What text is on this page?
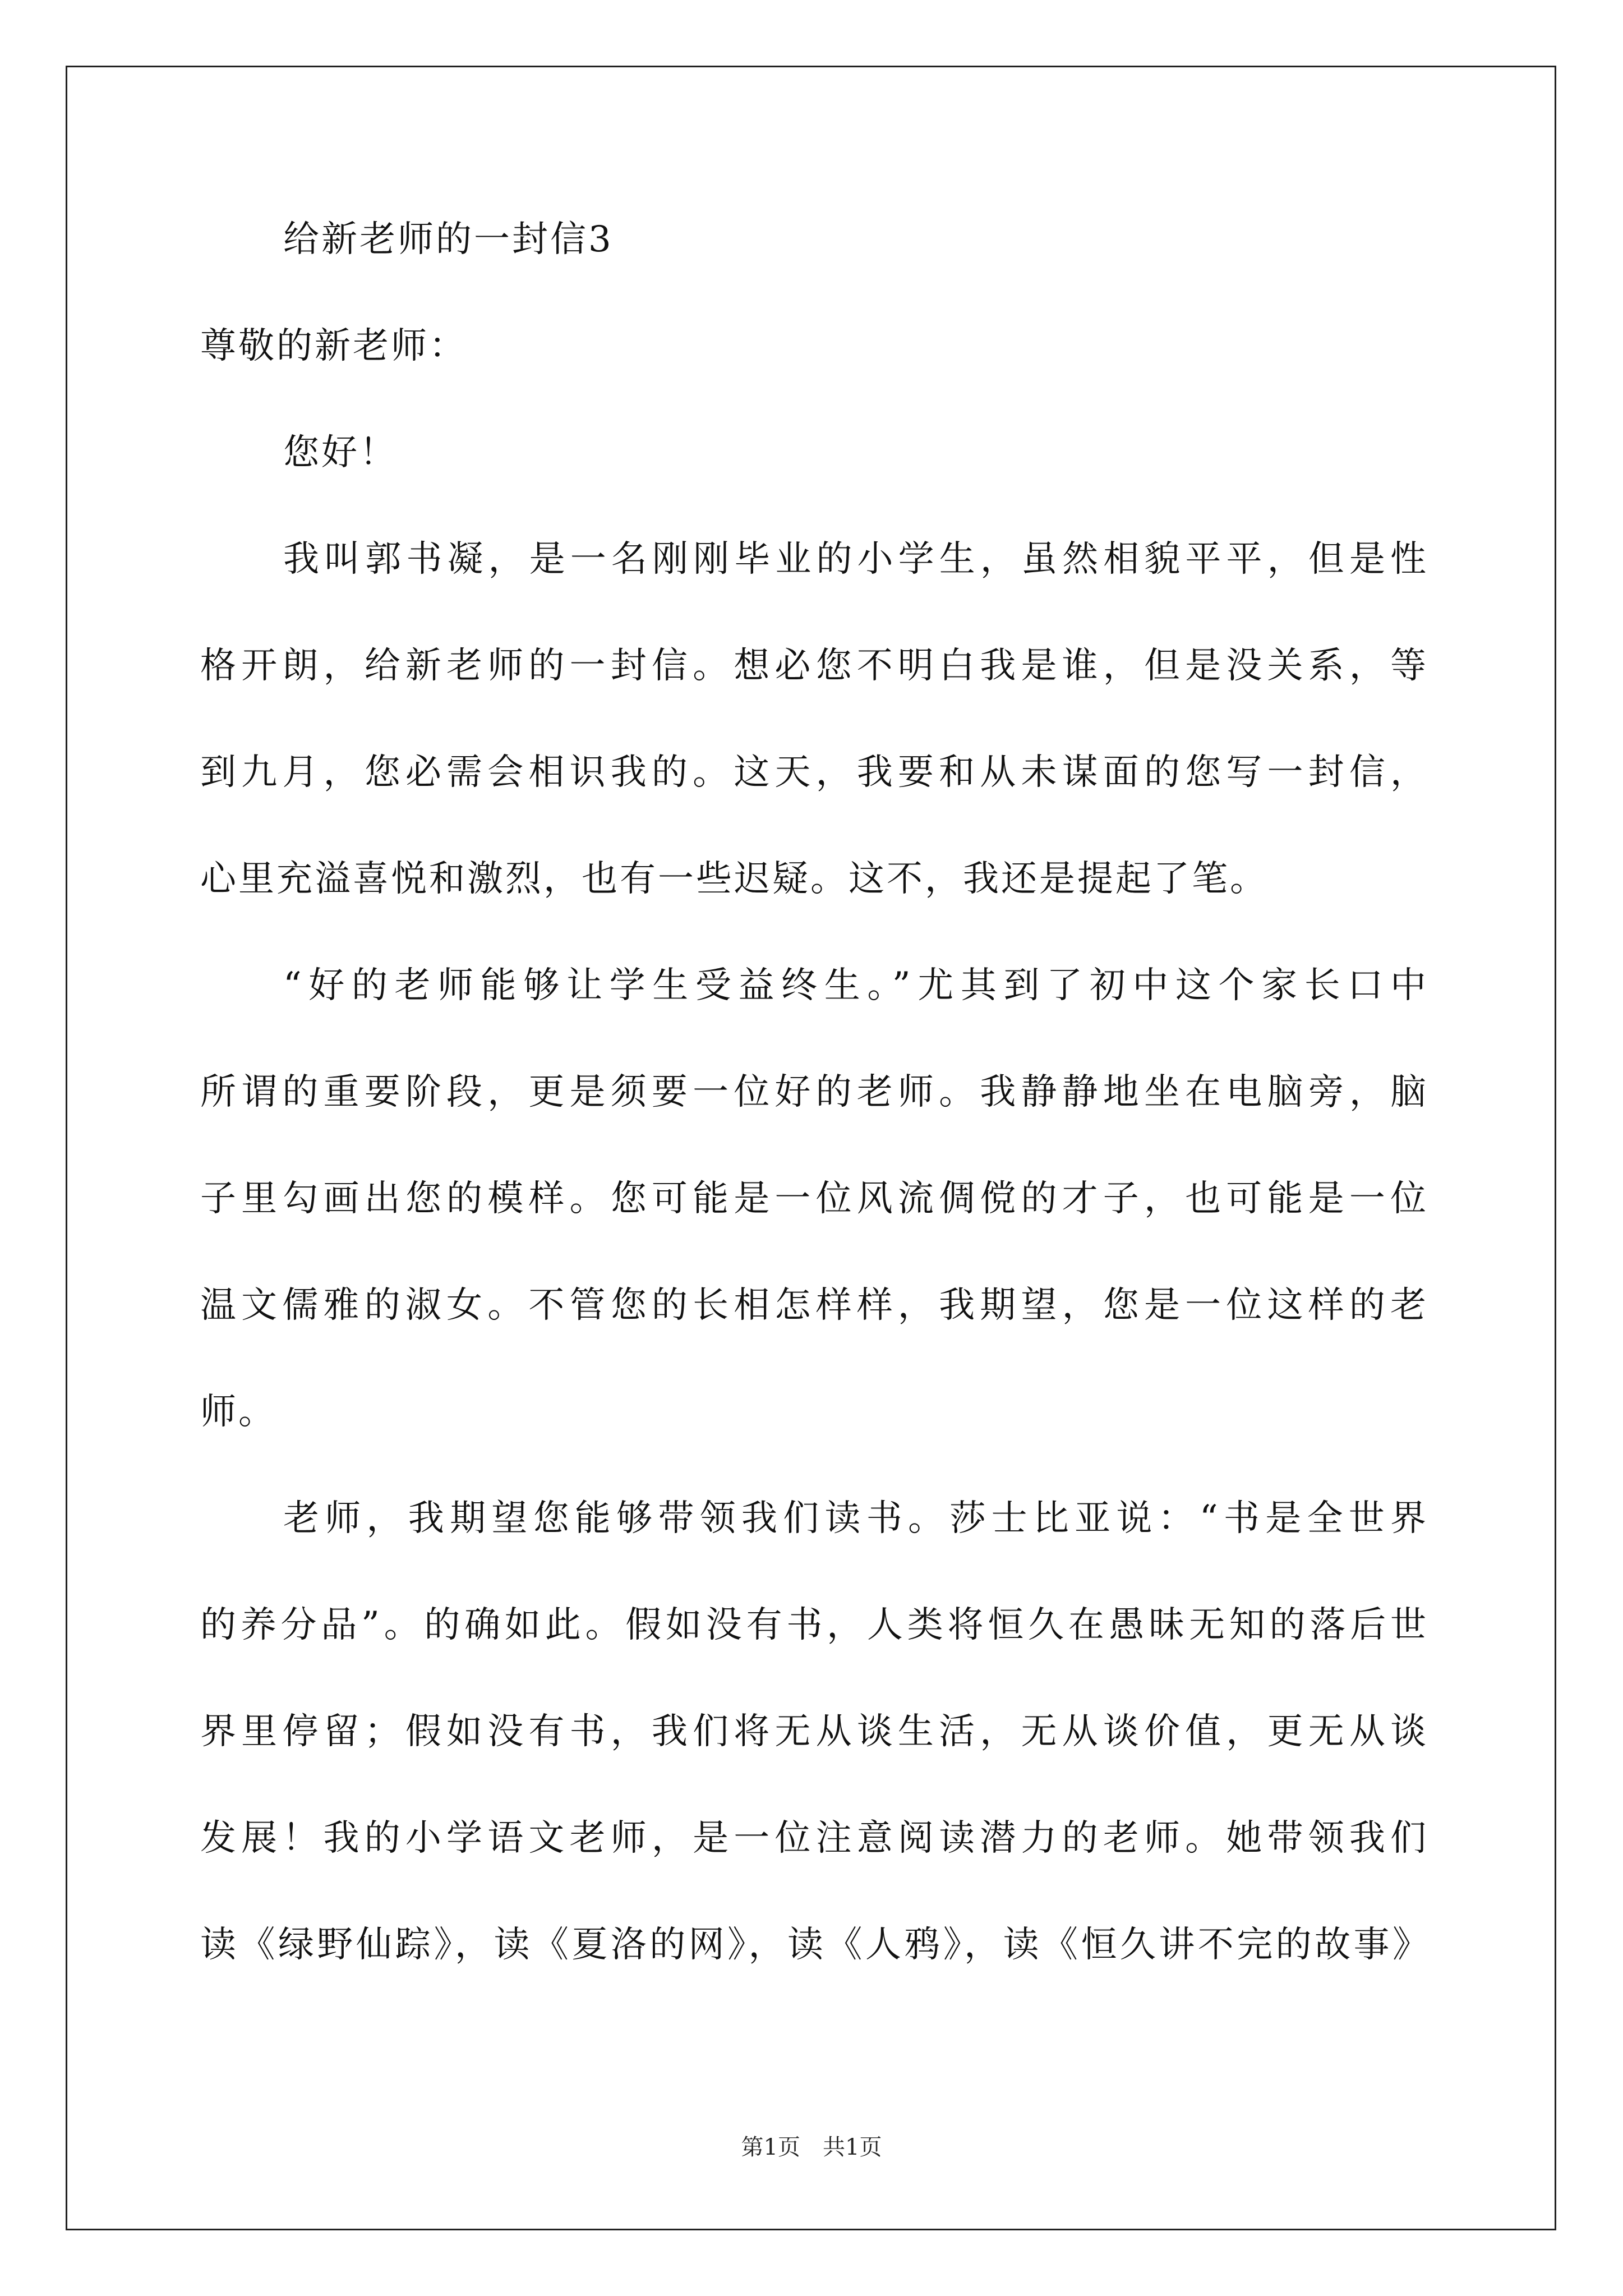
给新老师的一封信3

尊敬的新老师：

您好！

我叫郭书凝，是一名刚刚毕业的小学生，虽然相貌平平，但是性

格开朗，给新老师的一封信。想必您不明白我是谁，但是没关系，等

到九月，您必需会相识我的。这天，我要和从未谋面的您写一封信，

心里充溢喜悦和激烈，也有一些迟疑。这不，我还是提起了笔。

“好的老师能够让学生受益终生。”尤其到了初中这个家长口中

所谓的重要阶段，更是须要一位好的老师。我静静地坐在电脑旁，脑

子里勾画出您的模样。您可能是一位风流倜傥的才子，也可能是一位

温文儒雅的淑女。不管您的长相怎样样，我期望，您是一位这样的老

师。

老师，我期望您能够带领我们读书。莎士比亚说：“书是全世界

的养分品”。的确如此。假如没有书，人类将恒久在愚昧无知的落后世

界里停留；假如没有书，我们将无从谈生活，无从谈价值，更无从谈

发展！我的小学语文老师，是一位注意阅读潜力的老师。她带领我们

读《绿野仙踪》，读《夏洛的网》，读《人鸦》，读《恒久讲不完的故事》

第1页　共1页
